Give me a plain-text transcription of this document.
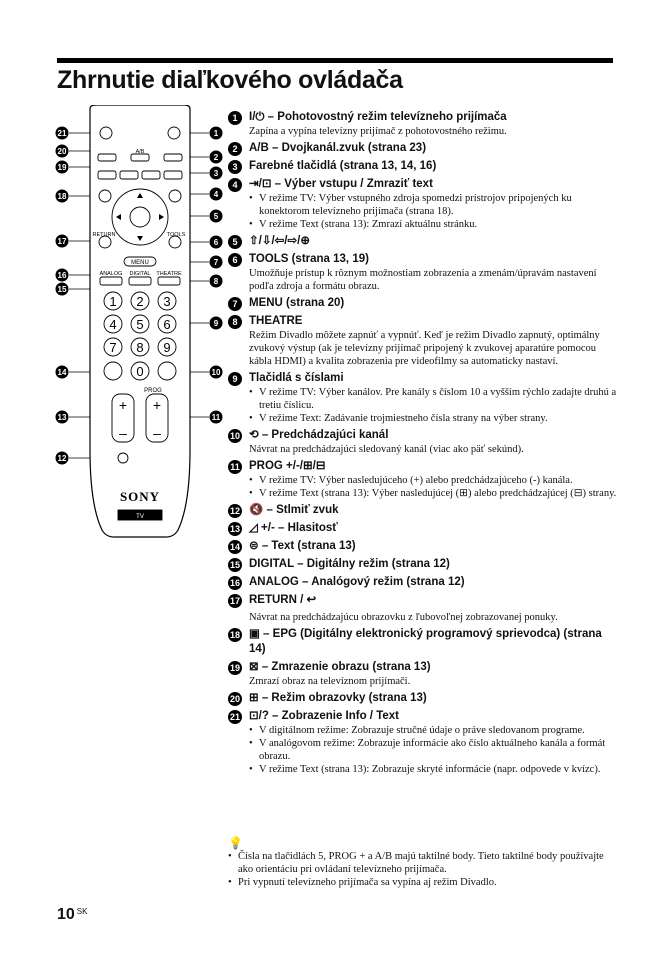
Zhrnutie diaľkového ovládača
21
20
19
18
17
16
15
14
13
12
1
2
3
4
5
6
7
8
9
10
11
A/B
RETURN	TOOLS
MENU
ANALOG DIGITAL THEATRE
PROG
1 2 3
4 5 6
7 8 9
0
+
–
+
–
SONY
TV
1	I/⏻ – Pohotovostný režim televízneho prijímača
Zapína a vypína televízny prijímač z pohotovostného režimu.
2	A/B – Dvojkanál.zvuk (strana 23)
3	Farebné tlačidlá (strana 13, 14, 16)
4	⇥/⊡ – Výber vstupu / Zmraziť text
• V režime TV: Výber vstupného zdroja spomedzi prístrojov pripojených ku konektorom televízneho prijímača (strana 18).
• V režime Text (strana 13): Zmrazí aktuálnu stránku.
5	⇧/⇩/⇦/⇨/⊕
6	TOOLS (strana 13, 19)
Umožňuje prístup k rôznym možnostiam zobrazenia a zmenám/úpravám nastavení podľa zdroja a formátu obrazu.
7	MENU (strana 20)
8	THEATRE
Režim Divadlo môžete zapnúť a vypnúť. Keď je režim Divadlo zapnutý, optimálny zvukový výstup (ak je televízny prijímač pripojený k zvukovej aparatúre pomocou kábla HDMI) a kvalita zobrazenia pre videofilmy sa automaticky nastaví.
9	Tlačidlá s číslami
• V režime TV: Výber kanálov. Pre kanály s číslom 10 a vyšším rýchlo zadajte druhú a tretiu číslicu.
• V režime Text: Zadávanie trojmiestneho čísla strany na výber strany.
10 ⟲ – Predchádzajúci kanál
Návrat na predchádzajúci sledovaný kanál (viac ako päť sekúnd).
11 PROG +/-/⊞/⊟
• V režime TV: Výber nasledujúceho (+) alebo predchádzajúceho (-) kanála.
• V režime Text (strana 13): Výber nasledujúcej (⊞) alebo predchádzajúcej (⊟) strany.
12 🔇 – Stlmiť zvuk
13 ◿ +/- – Hlasitosť
14 ⊜ – Text (strana 13)
15 DIGITAL – Digitálny režim (strana 12)
16 ANALOG – Analógový režim (strana 12)
17 RETURN / ↩
Návrat na predchádzajúcu obrazovku z ľubovoľnej zobrazovanej ponuky.
18 ▣ – EPG (Digitálny elektronický programový sprievodca) (strana 14)
19 ⊠ – Zmrazenie obrazu (strana 13)
Zmrazí obraz na televíznom prijímači.
20 ⊞ – Režim obrazovky (strana 13)
21 ⊡/? – Zobrazenie Info / Text
• V digitálnom režime: Zobrazuje stručné údaje o práve sledovanom programe.
• V analógovom režime: Zobrazuje informácie ako číslo aktuálneho kanála a formát obrazu.
• V režime Text (strana 13): Zobrazuje skryté informácie (napr. odpovede v kvízc).
💡
• Čísla na tlačidlách 5, PROG + a A/B majú taktilné body. Tieto taktilné body používajte ako orientáciu pri ovládaní televízneho prijímača.
• Pri vypnutí televízneho prijímača sa vypína aj režim Divadlo.
10 $^{SK}$
